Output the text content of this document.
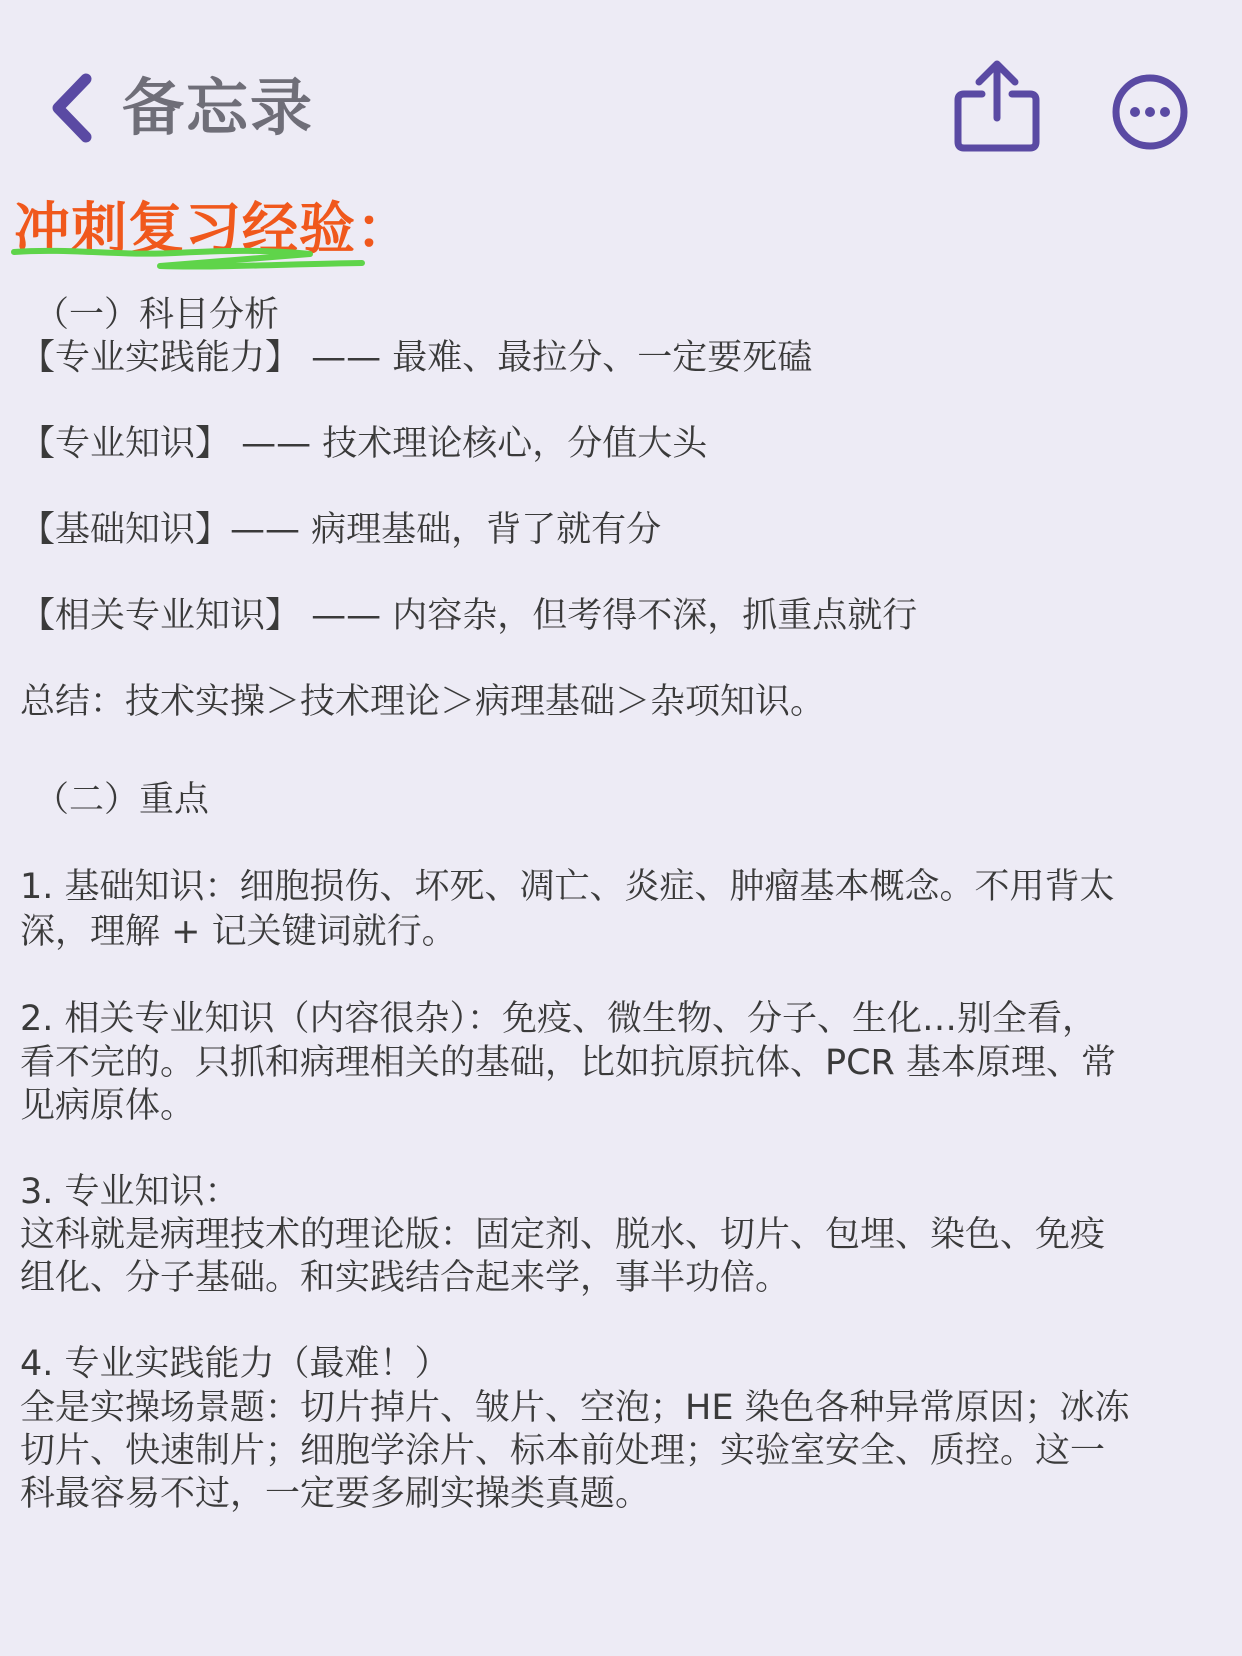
备忘录
冲刺复习经验：
（一）科目分析
【专业实践能力】 —— 最难、最拉分、一定要死磕
【专业知识】 —— 技术理论核心，分值大头
【基础知识】—— 病理基础，背了就有分
【相关专业知识】 —— 内容杂，但考得不深，抓重点就行
总结：技术实操＞技术理论＞病理基础＞杂项知识。
（二）重点
1. 基础知识：细胞损伤、坏死、凋亡、炎症、肿瘤基本概念。不用背太
深，理解 + 记关键词就行。
2. 相关专业知识（内容很杂）：免疫、微生物、分子、生化…别全看，
看不完的。只抓和病理相关的基础，比如抗原抗体、PCR 基本原理、常
见病原体。
3. 专业知识：
这科就是病理技术的理论版：固定剂、脱水、切片、包埋、染色、免疫
组化、分子基础。和实践结合起来学，事半功倍。
4. 专业实践能力（最难！）
全是实操场景题：切片掉片、皱片、空泡；HE 染色各种异常原因；冰冻
切片、快速制片；细胞学涂片、标本前处理；实验室安全、质控。这一
科最容易不过，一定要多刷实操类真题。
